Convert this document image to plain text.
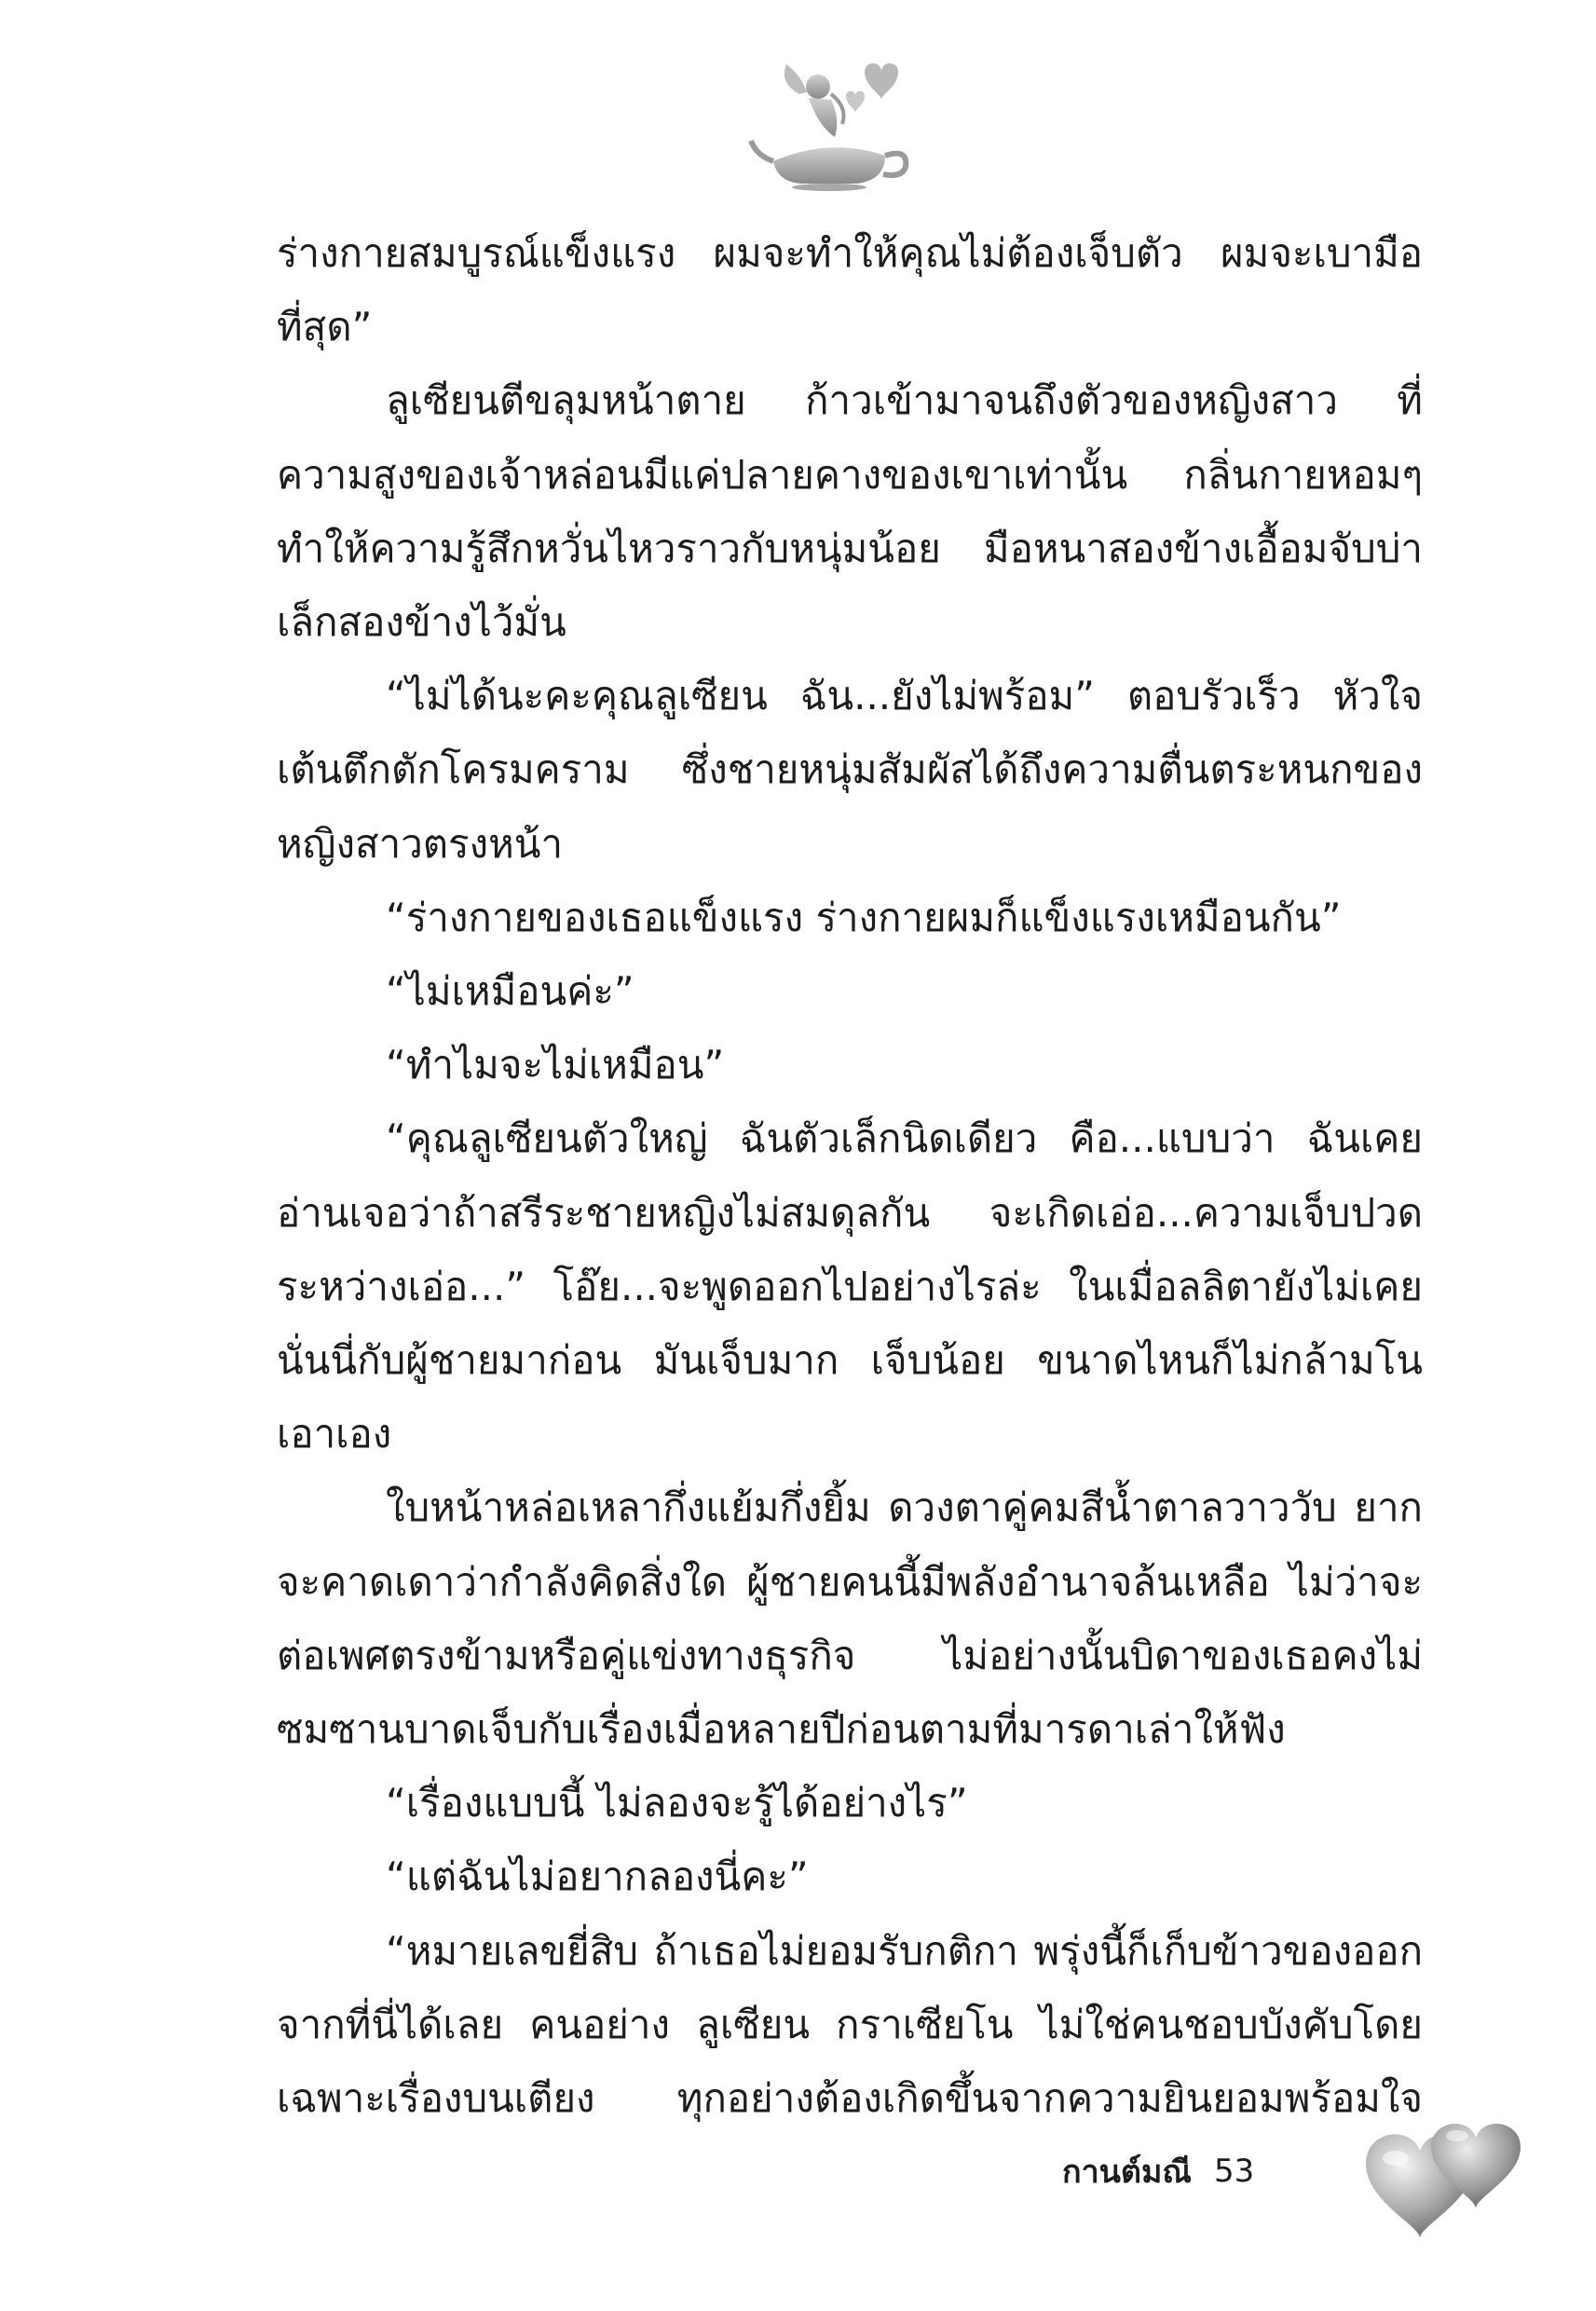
ร่างกายสมบูรณ์แข็งแรง ผมจะทำให้คุณไม่ต้องเจ็บตัว ผมจะเบามือที่สุด”

ลูเซียนตีขลุมหน้าตาย ก้าวเข้ามาจนถึงตัวของหญิงสาว ที่ความสูงของเจ้าหล่อนมีแค่ปลายคางของเขาเท่านั้น กลิ่นกายหอมๆ ทำให้ความรู้สึกหวั่นไหวราวกับหนุ่มน้อย มือหนาสองข้างเอื้อมจับบ่าเล็กสองข้างไว้มั่น

“ไม่ได้นะคะคุณลูเซียน ฉัน...ยังไม่พร้อม” ตอบรัวเร็ว หัวใจเต้นตึกตักโครมคราม ซึ่งชายหนุ่มสัมผัสได้ถึงความตื่นตระหนกของหญิงสาวตรงหน้า

“ร่างกายของเธอแข็งแรง ร่างกายผมก็แข็งแรงเหมือนกัน”

“ไม่เหมือนค่ะ”

“ทำไมจะไม่เหมือน”

“คุณลูเซียนตัวใหญ่ ฉันตัวเล็กนิดเดียว คือ...แบบว่า ฉันเคยอ่านเจอว่าถ้าสรีระชายหญิงไม่สมดุลกัน จะเกิดเอ่อ...ความเจ็บปวดระหว่างเอ่อ...” โอ๊ย...จะพูดออกไปอย่างไรล่ะ ในเมื่อลลิตายังไม่เคยนั่นนี่กับผู้ชายมาก่อน มันเจ็บมาก เจ็บน้อย ขนาดไหนก็ไม่กล้ามโนเอาเอง

ใบหน้าหล่อเหลากึ่งแย้มกึ่งยิ้ม ดวงตาคู่คมสีน้ำตาลวาววับ ยากจะคาดเดาว่ากำลังคิดสิ่งใด ผู้ชายคนนี้มีพลังอำนาจล้นเหลือ ไม่ว่าจะต่อเพศตรงข้ามหรือคู่แข่งทางธุรกิจ ไม่อย่างนั้นบิดาของเธอคงไม่ซมซานบาดเจ็บกับเรื่องเมื่อหลายปีก่อนตามที่มารดาเล่าให้ฟัง

“เรื่องแบบนี้ ไม่ลองจะรู้ได้อย่างไร”

“แต่ฉันไม่อยากลองนี่คะ”

“หมายเลขยี่สิบ ถ้าเธอไม่ยอมรับกติกา พรุ่งนี้ก็เก็บข้าวของออกจากที่นี่ได้เลย คนอย่าง ลูเซียน กราเซียโน ไม่ใช่คนชอบบังคับโดยเฉพาะเรื่องบนเตียง ทุกอย่างต้องเกิดขึ้นจากความยินยอมพร้อมใจ

กานต์มณี 53
